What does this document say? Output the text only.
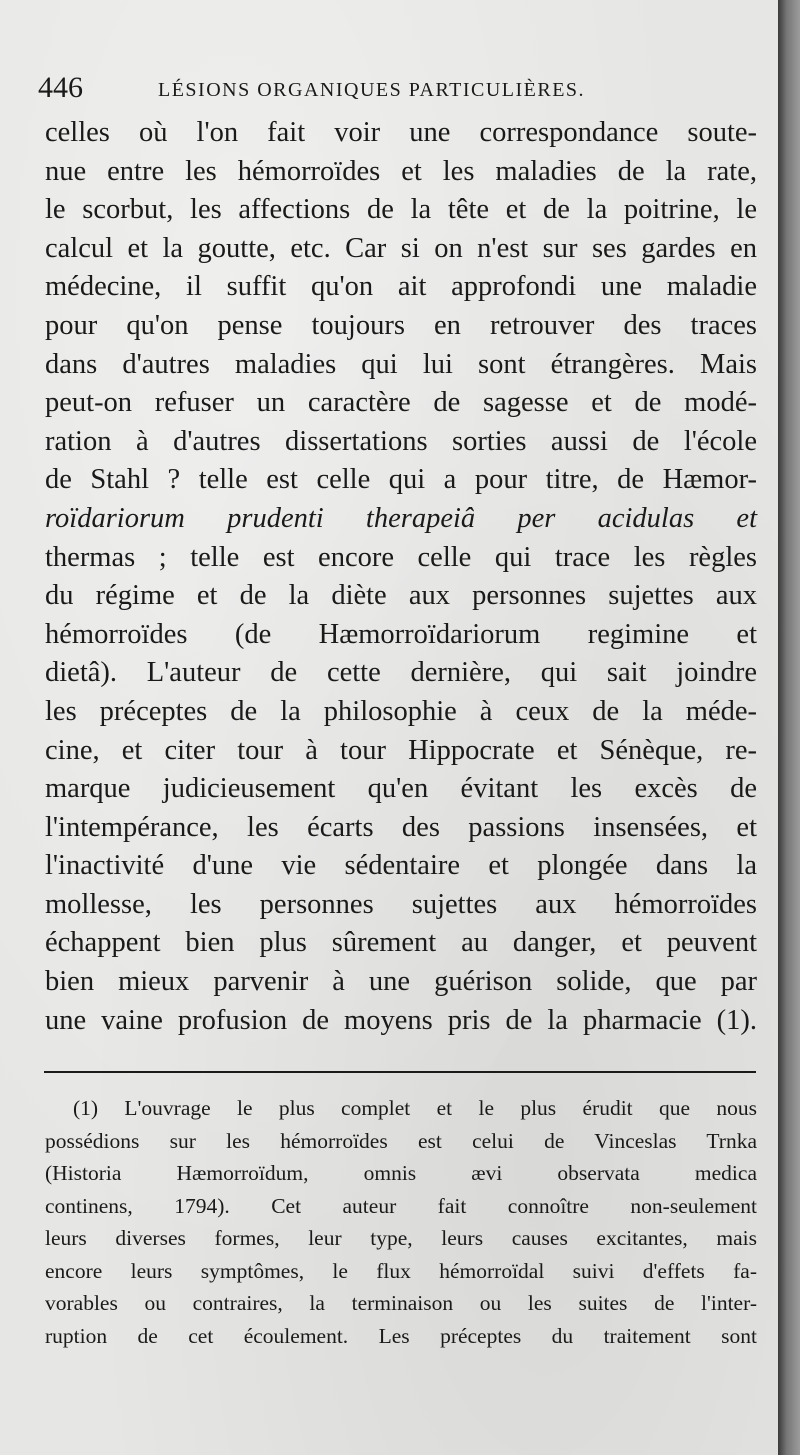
446	LÉSIONS ORGANIQUES PARTICULIÈRES.
celles où l'on fait voir une correspondance soute-
nue entre les hémorroïdes et les maladies de la rate,
le scorbut, les affections de la tête et de la poitrine, le
calcul et la goutte, etc. Car si on n'est sur ses gardes en
médecine, il suffit qu'on ait approfondi une maladie
pour qu'on pense toujours en retrouver des traces
dans d'autres maladies qui lui sont étrangères. Mais
peut-on refuser un caractère de sagesse et de modé-
ration à d'autres dissertations sorties aussi de l'école
de Stahl ? telle est celle qui a pour titre, de Hæmor-
roïdariorum prudenti therapeiâ per acidulas et
thermas ; telle est encore celle qui trace les règles
du régime et de la diète aux personnes sujettes aux
hémorroïdes (de Hæmorroïdariorum regimine et
dietâ). L'auteur de cette dernière, qui sait joindre
les préceptes de la philosophie à ceux de la méde-
cine, et citer tour à tour Hippocrate et Sénèque, re-
marque judicieusement qu'en évitant les excès de
l'intempérance, les écarts des passions insensées, et
l'inactivité d'une vie sédentaire et plongée dans la
mollesse, les personnes sujettes aux hémorroïdes
échappent bien plus sûrement au danger, et peuvent
bien mieux parvenir à une guérison solide, que par
une vaine profusion de moyens pris de la pharmacie (1).
(1) L'ouvrage le plus complet et le plus érudit que nous
possédions sur les hémorroïdes est celui de Vinceslas Trnka
(Historia Hæmorroïdum, omnis ævi observata medica
continens, 1794). Cet auteur fait connoître non-seulement
leurs diverses formes, leur type, leurs causes excitantes, mais
encore leurs symptômes, le flux hémorroïdal suivi d'effets fa-
vorables ou contraires, la terminaison ou les suites de l'inter-
ruption de cet écoulement. Les préceptes du traitement sont
